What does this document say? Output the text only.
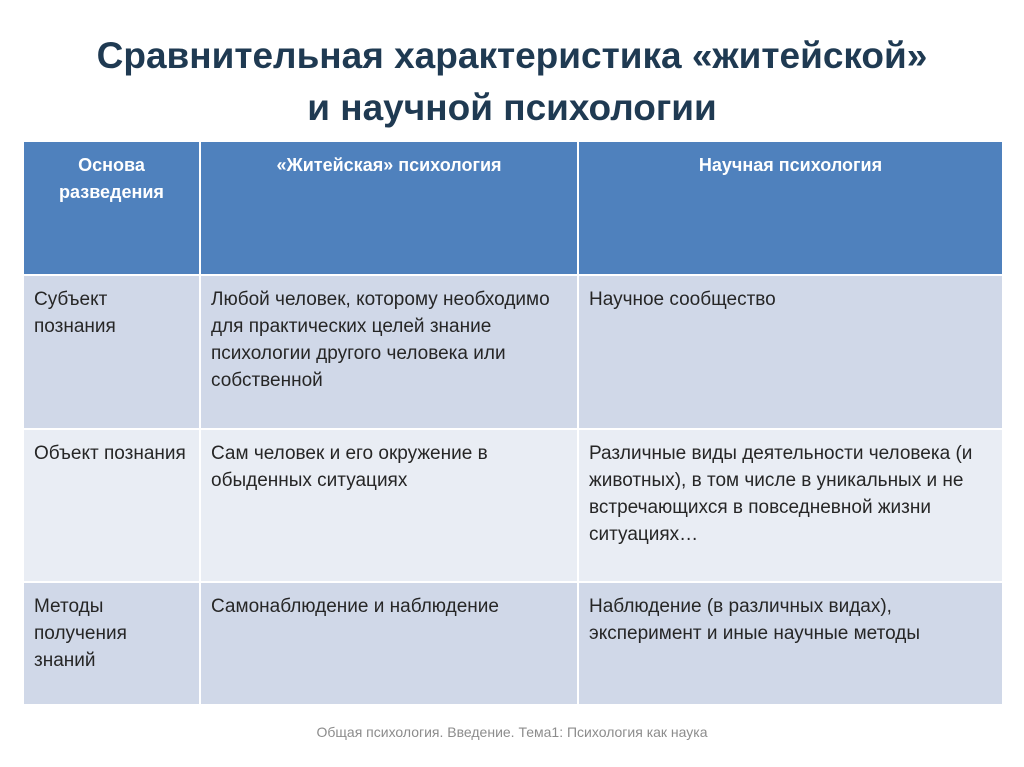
Сравнительная характеристика «житейской»
и научной психологии
Основа разведения	«Житейская» психология	Научная психология
Субъект познания	Любой человек, которому необходимо для практических целей знание психологии другого человека или собственной	Научное сообщество
Объект познания	Сам человек и его окружение в обыденных ситуациях	Различные виды деятельности человека (и животных), в том числе в уникальных и не встречающихся в повседневной жизни ситуациях…
Методы получения знаний	Самонаблюдение и наблюдение	Наблюдение (в различных видах), эксперимент и иные научные методы
Общая психология. Введение. Тема1: Психология как наука
